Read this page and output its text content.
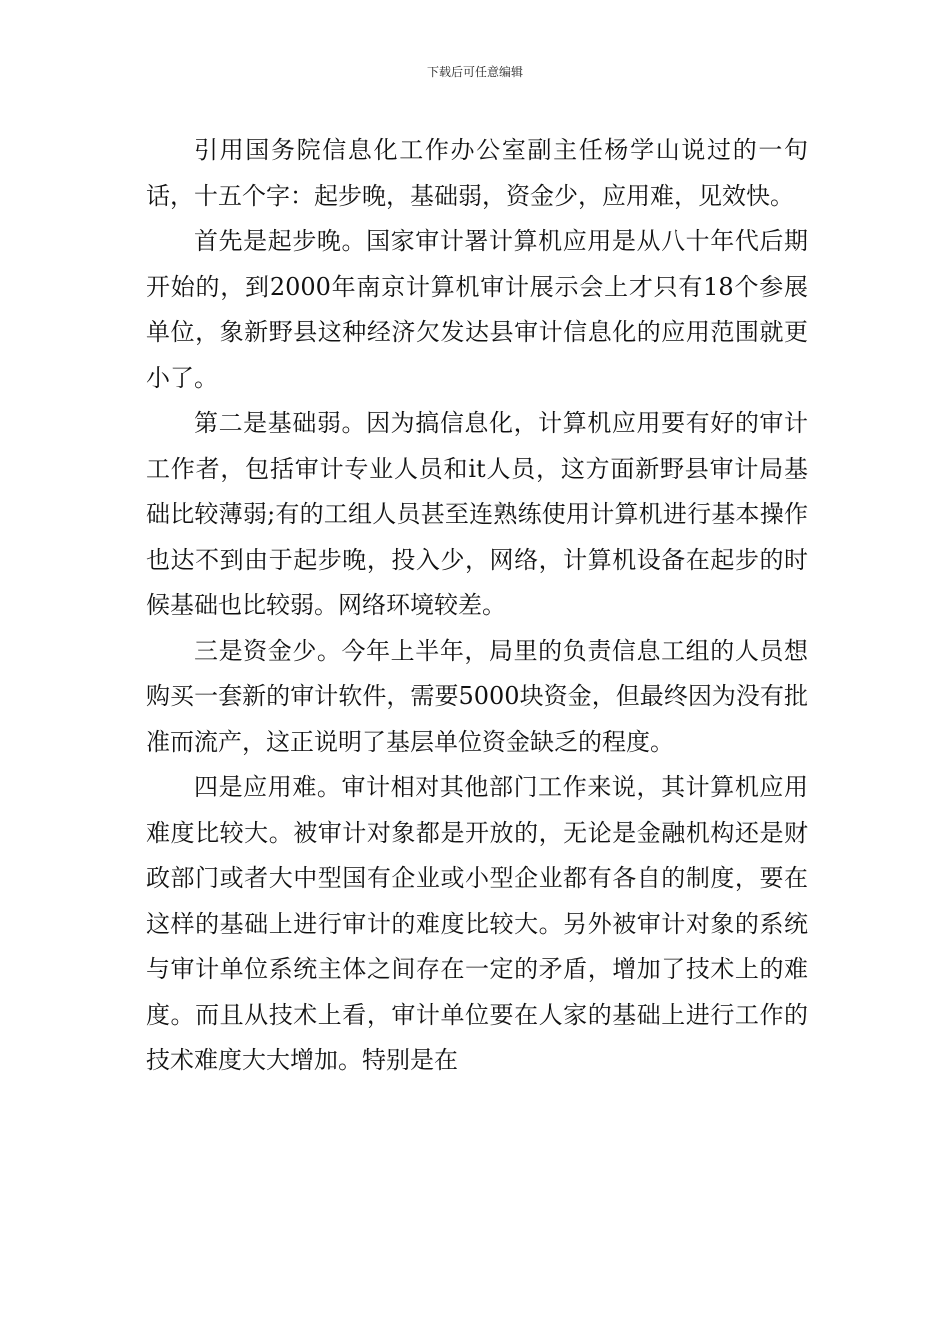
下载后可任意编辑

引用国务院信息化工作办公室副主任杨学山说过的一句话，十五个字：起步晚，基础弱，资金少，应用难，见效快。

首先是起步晚。国家审计署计算机应用是从八十年代后期开始的，到2000年南京计算机审计展示会上才只有18个参展单位，象新野县这种经济欠发达县审计信息化的应用范围就更小了。

第二是基础弱。因为搞信息化，计算机应用要有好的审计工作者，包括审计专业人员和it人员，这方面新野县审计局基础比较薄弱;有的工组人员甚至连熟练使用计算机进行基本操作也达不到由于起步晚，投入少，网络，计算机设备在起步的时候基础也比较弱。网络环境较差。

三是资金少。今年上半年，局里的负责信息工组的人员想购买一套新的审计软件，需要5000块资金，但最终因为没有批准而流产，这正说明了基层单位资金缺乏的程度。

四是应用难。审计相对其他部门工作来说，其计算机应用难度比较大。被审计对象都是开放的，无论是金融机构还是财政部门或者大中型国有企业或小型企业都有各自的制度，要在这样的基础上进行审计的难度比较大。另外被审计对象的系统与审计单位系统主体之间存在一定的矛盾，增加了技术上的难度。而且从技术上看，审计单位要在人家的基础上进行工作的技术难度大大增加。特别是在
